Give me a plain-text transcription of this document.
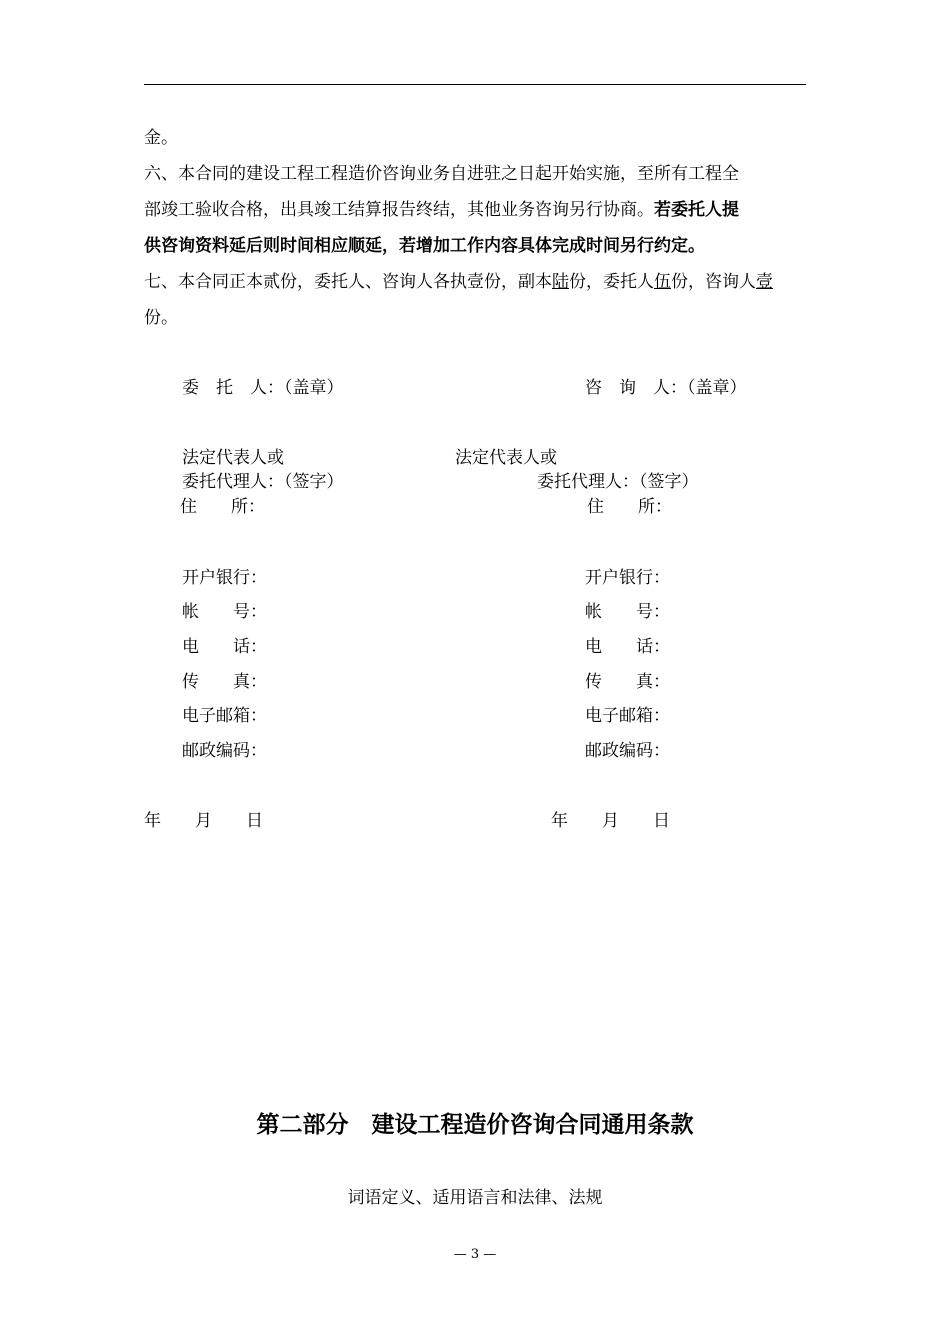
金。
六、本合同的建设工程工程造价咨询业务自进驻之日起开始实施，至所有工程全
部竣工验收合格，出具竣工结算报告终结，其他业务咨询另行协商。若委托人提
供咨询资料延后则时间相应顺延，若增加工作内容具体完成时间另行约定。
七、本合同正本贰份，委托人、咨询人各执壹份，副本陆份，委托人伍份，咨询人壹
份。
委　托　人：（盖章）
法定代表人或
委托代理人：（签字）
住　　所：
开户银行：
帐　　号：
电　　话：
传　　真：
电子邮箱：
邮政编码：
年　　月　　日
咨　询　人：（盖章）
法定代表人或
委托代理人：（签字）
住　　所：
开户银行：
帐　　号：
电　　话：
传　　真：
电子邮箱：
邮政编码：
年　　月　　日
第二部分　建设工程造价咨询合同通用条款
词语定义、适用语言和法律、法规
— 3 —
